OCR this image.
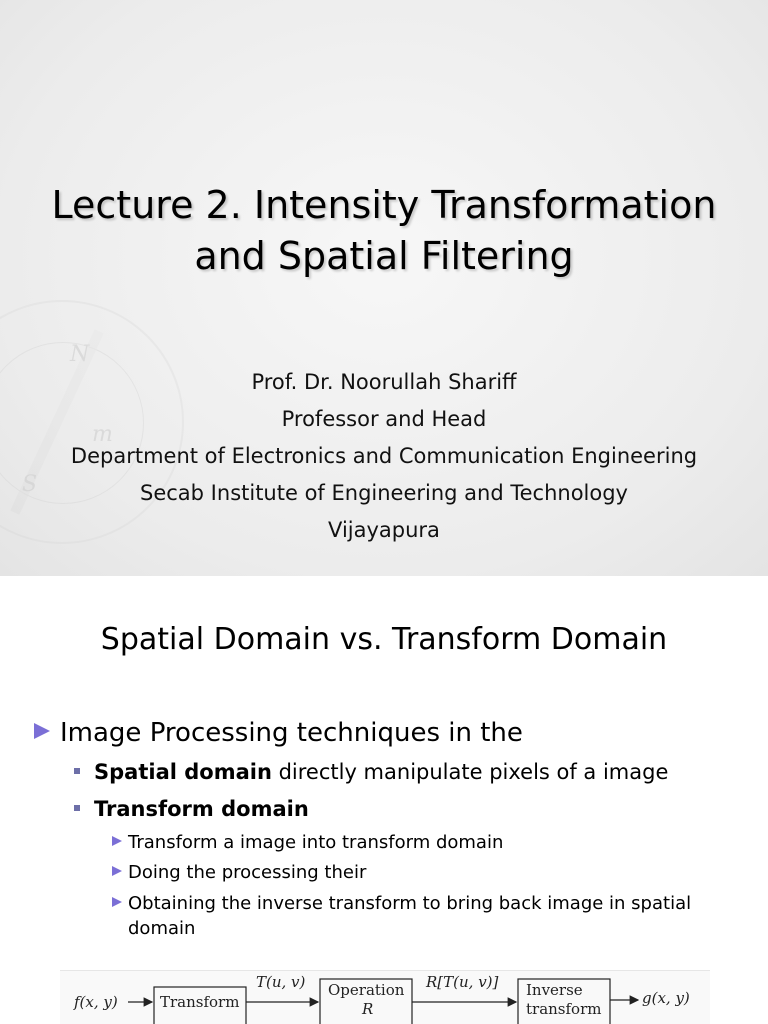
N
S
m
Lecture 2. Intensity Transformation
and Spatial Filtering
Prof. Dr. Noorullah Shariff
Professor and Head
Department of Electronics and Communication Engineering
Secab Institute of Engineering and Technology
Vijayapura
Spatial Domain vs. Transform Domain
Image Processing techniques in the
Spatial domain directly manipulate pixels of a image
Transform domain
Transform a image into transform domain
Doing the processing their
Obtaining the inverse transform to bring back image in spatial
domain
f(x, y)	Transform
T(u, v) Operation
R
R[T(u, v)] Inverse
transform
g(x, y)
